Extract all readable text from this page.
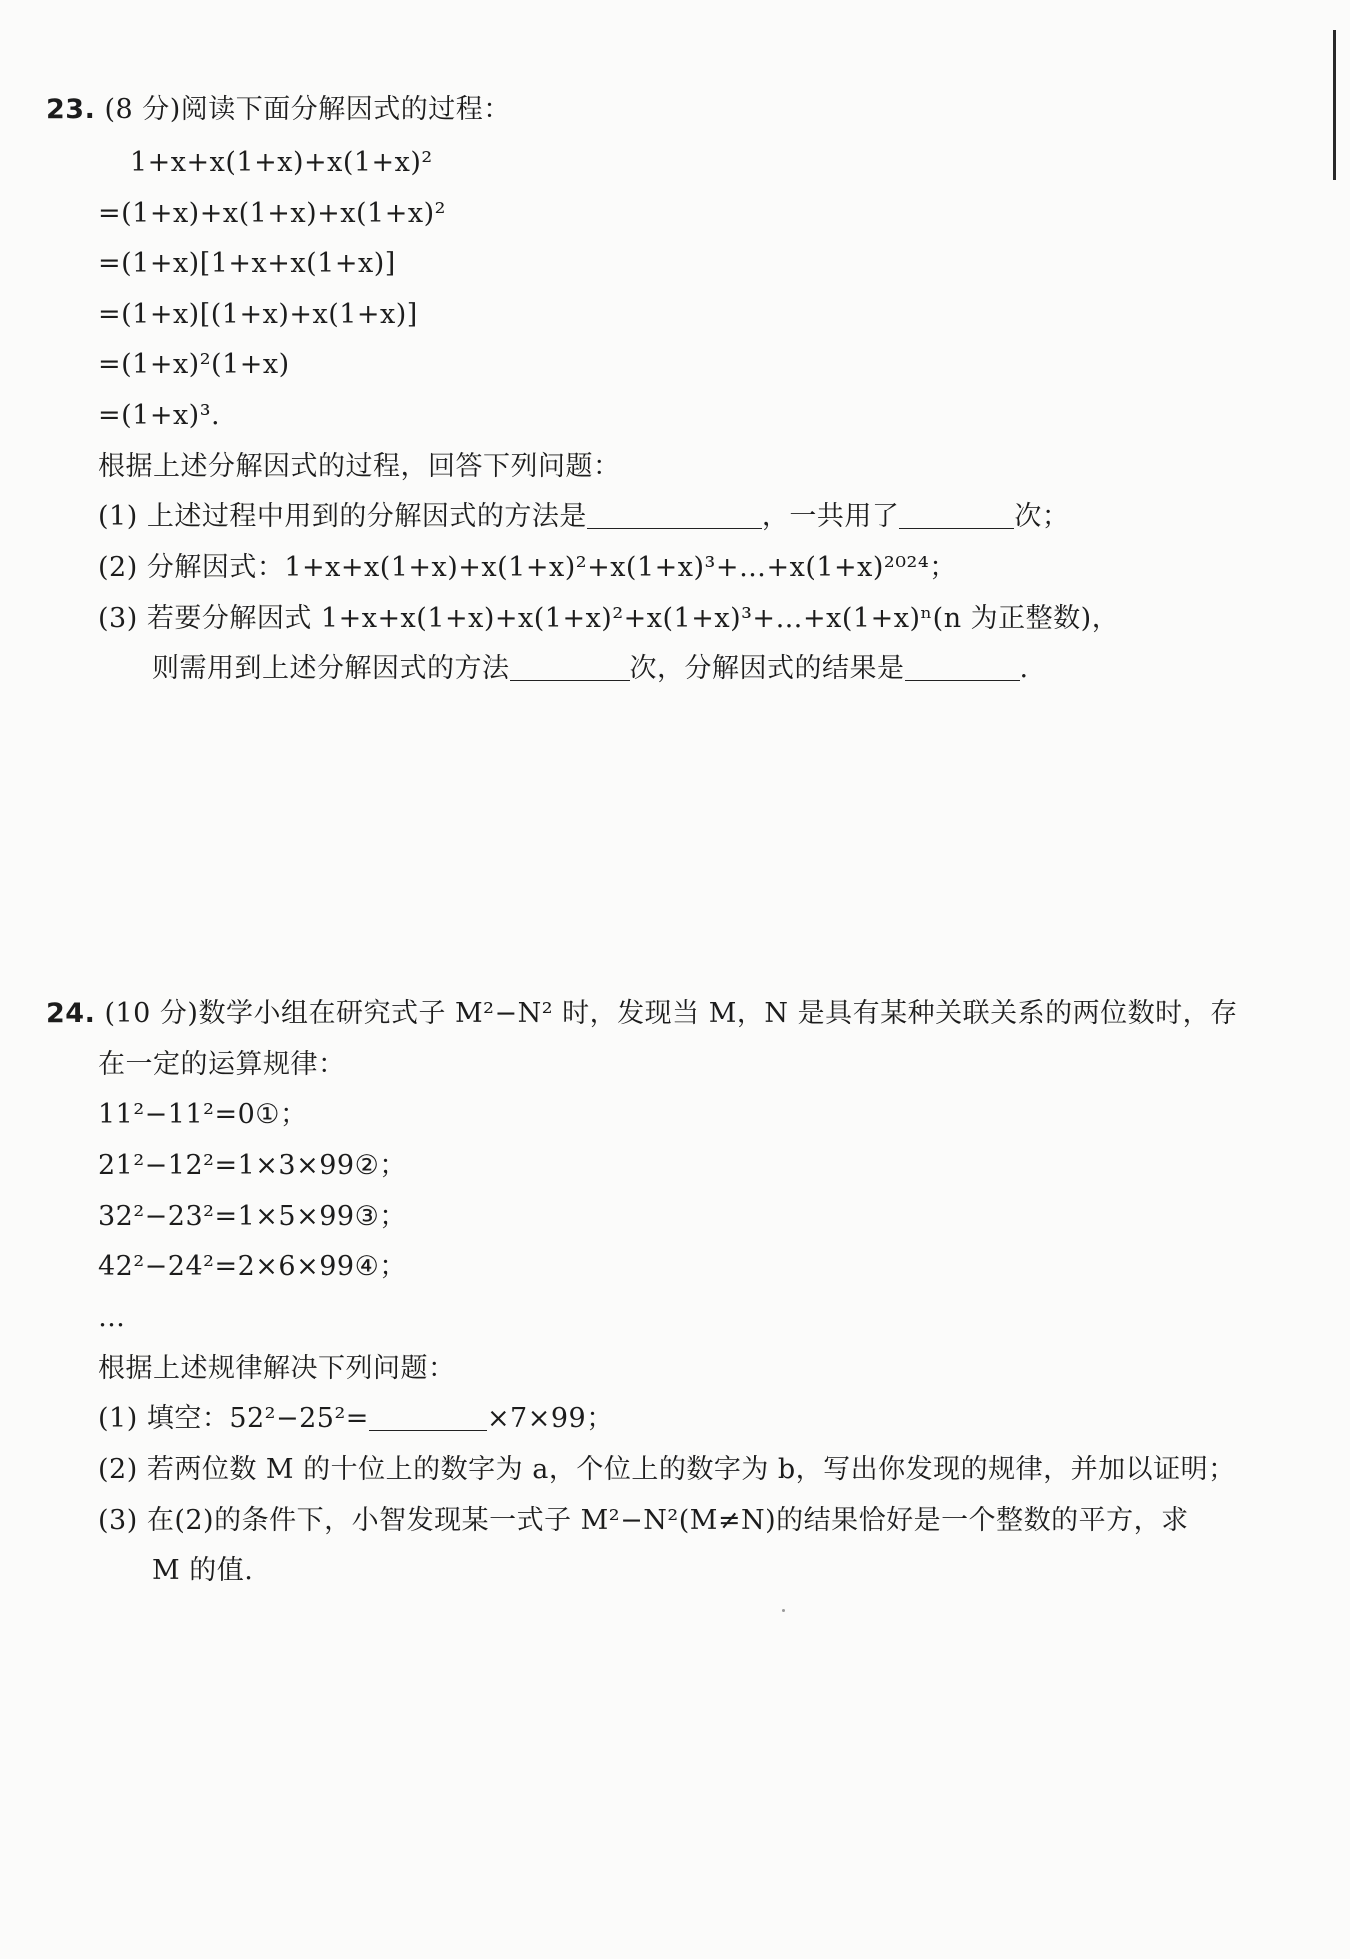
23. (8 分)阅读下面分解因式的过程：
1+x+x(1+x)+x(1+x)²
=(1+x)+x(1+x)+x(1+x)²
=(1+x)[1+x+x(1+x)]
=(1+x)[(1+x)+x(1+x)]
=(1+x)²(1+x)
=(1+x)³.
根据上述分解因式的过程，回答下列问题：
(1) 上述过程中用到的分解因式的方法是	，一共用了	次；
(2) 分解因式：1+x+x(1+x)+x(1+x)²+x(1+x)³+…+x(1+x)²⁰²⁴；
(3) 若要分解因式 1+x+x(1+x)+x(1+x)²+x(1+x)³+…+x(1+x)ⁿ(n 为正整数)，
则需用到上述分解因式的方法	次，分解因式的结果是	.
24. (10 分)数学小组在研究式子 M²−N² 时，发现当 M，N 是具有某种关联关系的两位数时，存
在一定的运算规律：
11²−11²=0①；
21²−12²=1×3×99②；
32²−23²=1×5×99③；
42²−24²=2×6×99④；
…
根据上述规律解决下列问题：
(1) 填空：52²−25²=	×7×99；
(2) 若两位数 M 的十位上的数字为 a，个位上的数字为 b，写出你发现的规律，并加以证明；
(3) 在(2)的条件下，小智发现某一式子 M²−N²(M≠N)的结果恰好是一个整数的平方，求
M 的值.
